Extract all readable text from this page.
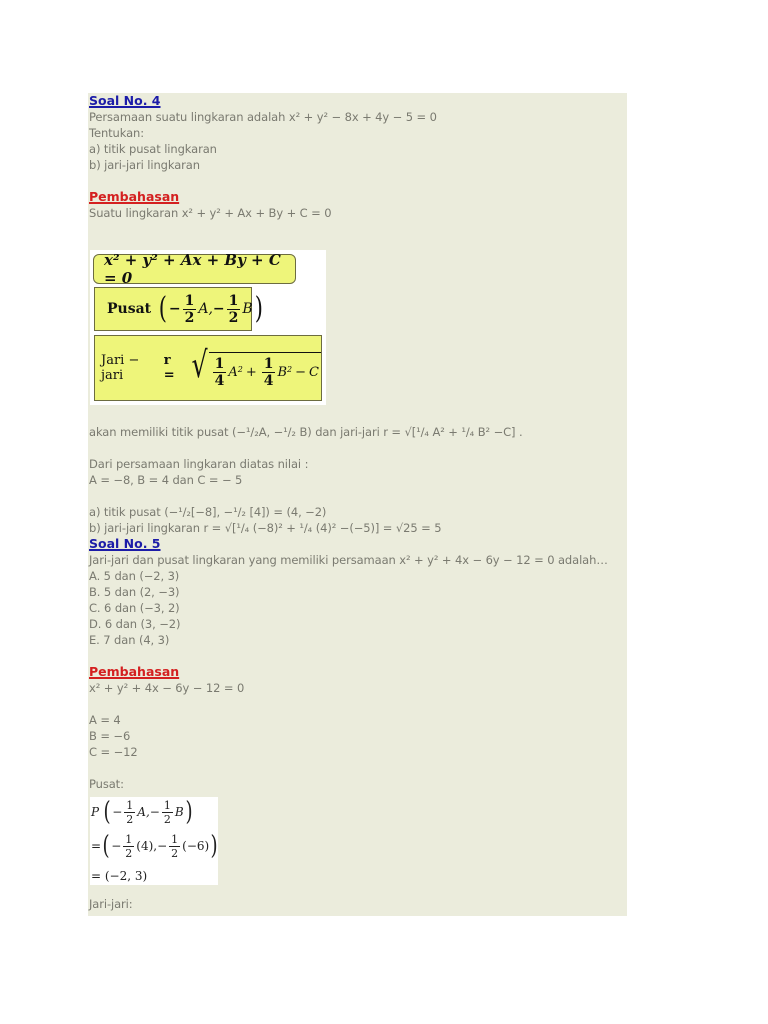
Soal No. 4
Persamaan suatu lingkaran adalah x² + y² − 8x + 4y − 5 = 0
Tentukan:
a) titik pusat lingkaran
b) jari-jari lingkaran
Pembahasan
Suatu lingkaran x² + y² + Ax + By + C = 0
akan memiliki titik pusat (−¹/₂A, −¹/₂ B) dan jari-jari r = √[¹/₄ A² + ¹/₄ B² −C] .
Dari persamaan lingkaran diatas nilai :
A = −8, B = 4 dan C = − 5
a) titik pusat (−¹/₂[−8], −¹/₂ [4]) = (4, −2)
b) jari-jari lingkaran r = √[¹/₄ (−8)² + ¹/₄ (4)² −(−5)] = √25 = 5
Soal No. 5
Jari-jari dan pusat lingkaran yang memiliki persamaan x² + y² + 4x − 6y − 12 = 0 adalah…
A. 5 dan (−2, 3)
B. 5 dan (2, −3)
C. 6 dan (−3, 2)
D. 6 dan (3, −2)
E. 7 dan (4, 3)
Pembahasan
x² + y² + 4x − 6y − 12 = 0
A = 4
B = −6
C = −12
Pusat:
Jari-jari:
x² + y² + Ax + By + C = 0
Pusat ( − $\frac{1}{2} A$, − $\frac{1}{2}$ B )
Jari − jari
r = √ $\frac{1}{4} A^2 + \frac{1}{4} B^2 - C$
P ( − $\frac{1}{2} A$, − $\frac{1}{2}$ B )
= ( − $\frac{1}{2} (4)$, − $\frac{1}{2} (-6)$ )
= (−2, 3)
